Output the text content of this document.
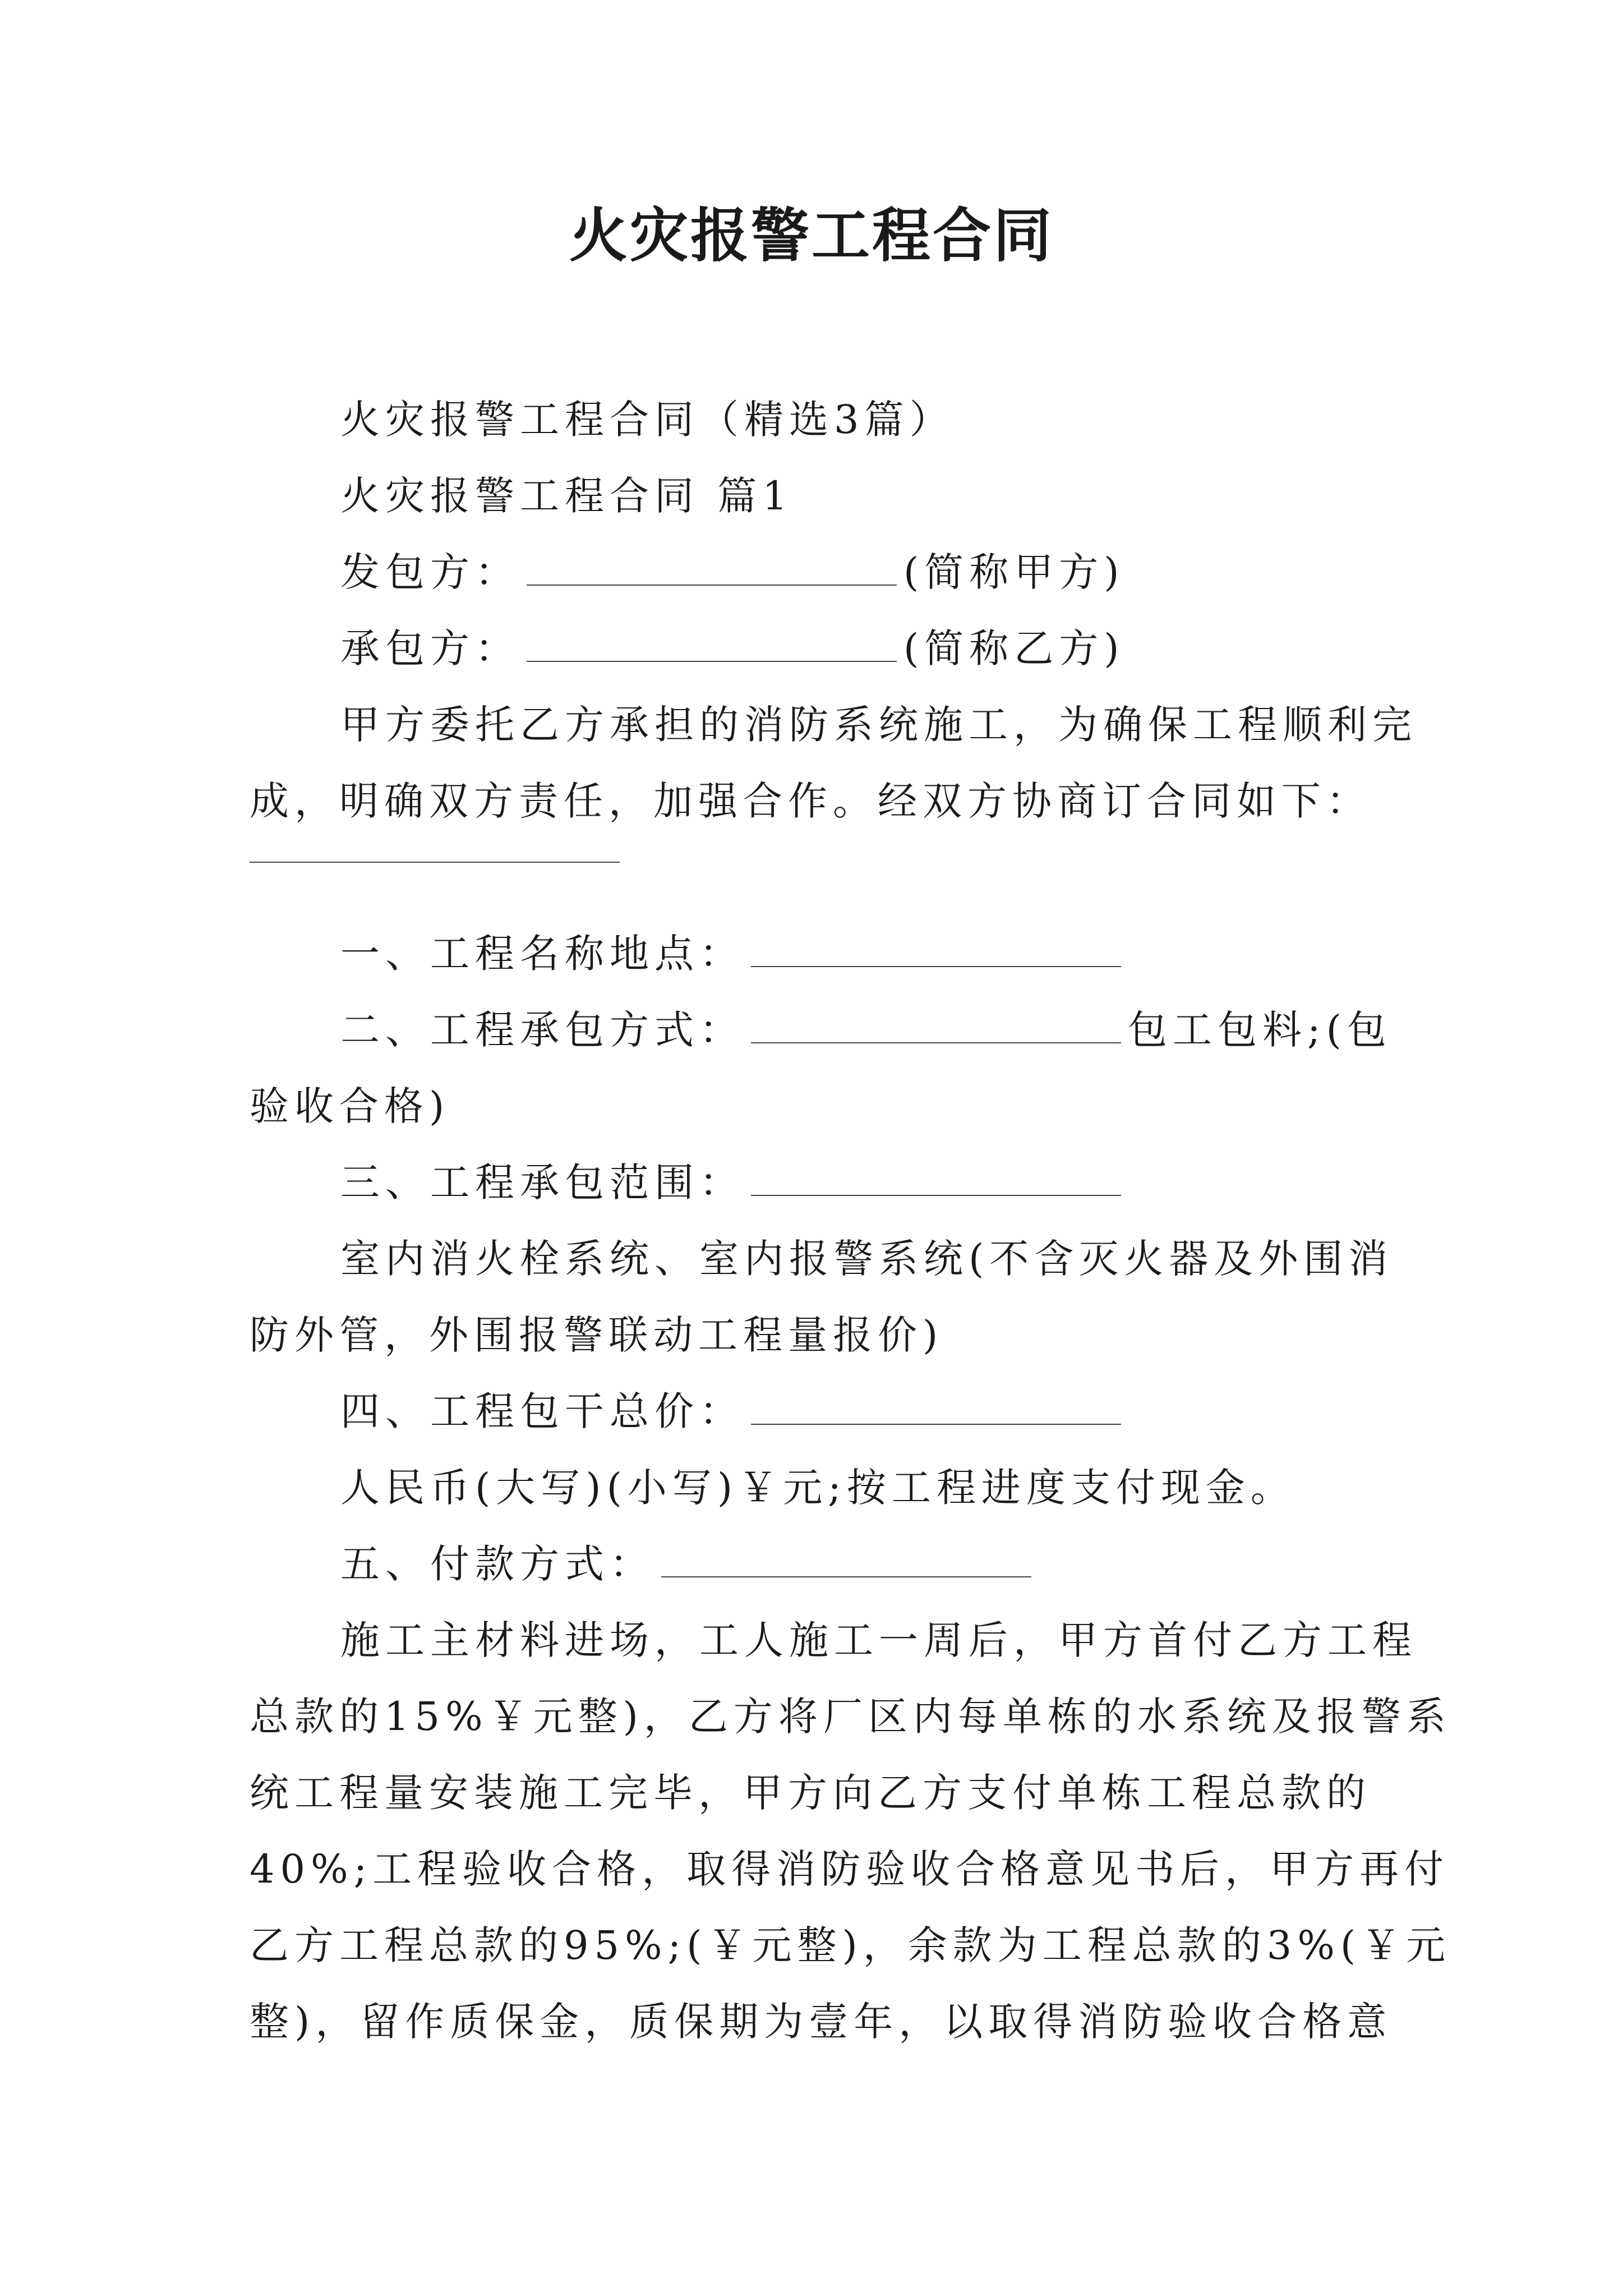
火灾报警工程合同
火灾报警工程合同（精选3篇）
火灾报警工程合同 篇1
发包方：	(简称甲方)
承包方：	(简称乙方)
甲方委托乙方承担的消防系统施工，为确保工程顺利完
成，明确双方责任，加强合作。经双方协商订合同如下：
一、工程名称地点：
二、工程承包方式：	包工包料;(包
验收合格)
三、工程承包范围：
室内消火栓系统、室内报警系统(不含灭火器及外围消
防外管，外围报警联动工程量报价)
四、工程包干总价：
人民币(大写)(小写)￥元;按工程进度支付现金。
五、付款方式：
施工主材料进场，工人施工一周后，甲方首付乙方工程
总款的15%￥元整)，乙方将厂区内每单栋的水系统及报警系
统工程量安装施工完毕，甲方向乙方支付单栋工程总款的
40%;工程验收合格，取得消防验收合格意见书后，甲方再付
乙方工程总款的95%;(￥元整)，余款为工程总款的3%(￥元
整)，留作质保金，质保期为壹年，以取得消防验收合格意
